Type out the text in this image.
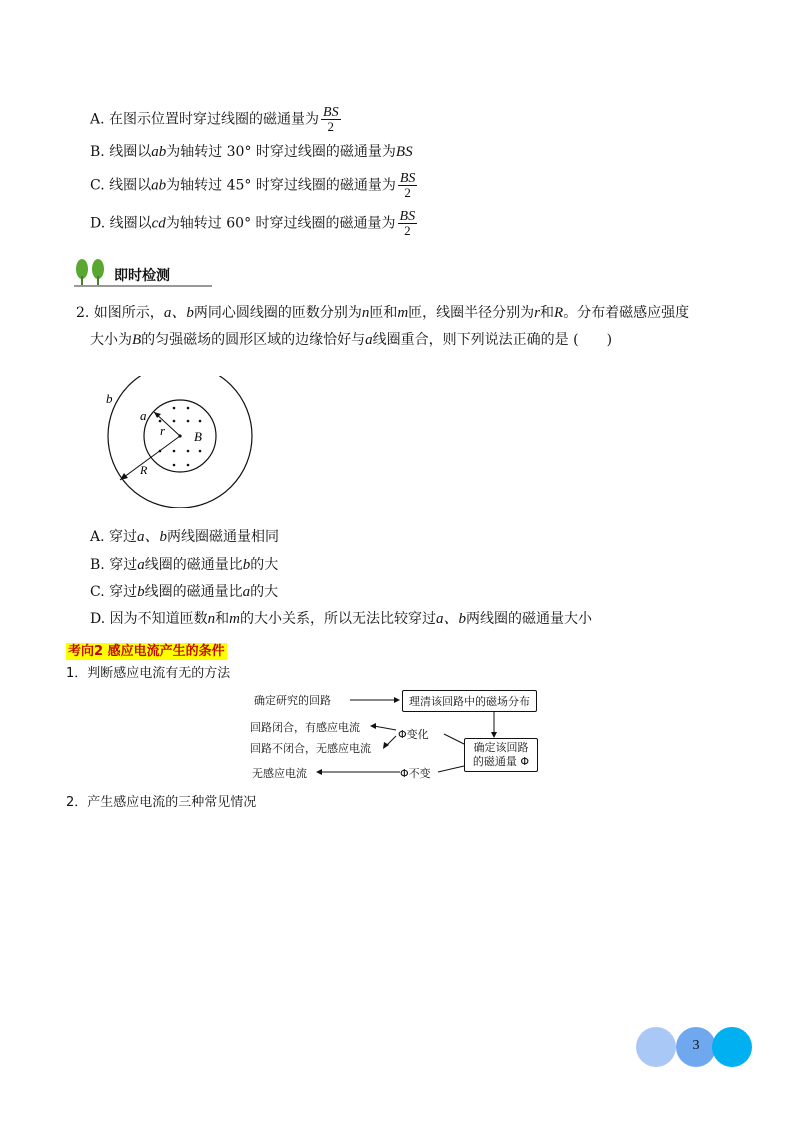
A. 在图示位置时穿过线圈的磁通量为 $\frac{BS}{2}$
B. 线圈以ab为轴转过 30° 时穿过线圈的磁通量为BS
C. 线圈以ab为轴转过 45° 时穿过线圈的磁通量为 $\frac{BS}{2}$
D. 线圈以cd为轴转过 60° 时穿过线圈的磁通量为 $\frac{BS}{2}$
即时检测
2. 如图所示，a、b两同心圆线圈的匝数分别为n匝和m匝，线圈半径分别为r和R。分布着磁感应强度
大小为B的匀强磁场的圆形区域的边缘恰好与a线圈重合，则下列说法正确的是 (　　)
b
a
r B
R
A. 穿过a、b两线圈磁通量相同
B. 穿过a线圈的磁通量比b的大
C. 穿过b线圈的磁通量比a的大
D. 因为不知道匝数n和m的大小关系，所以无法比较穿过a、b两线圈的磁通量大小
考向2 感应电流产生的条件
1．判断感应电流有无的方法
确定研究的回路	理清该回路中的磁场分布
回路闭合，有感应电流
Φ变化
回路不闭合，无感应电流	确定该回路
的磁通量 Φ
无感应电流	Φ不变
2．产生感应电流的三种常见情况
3
